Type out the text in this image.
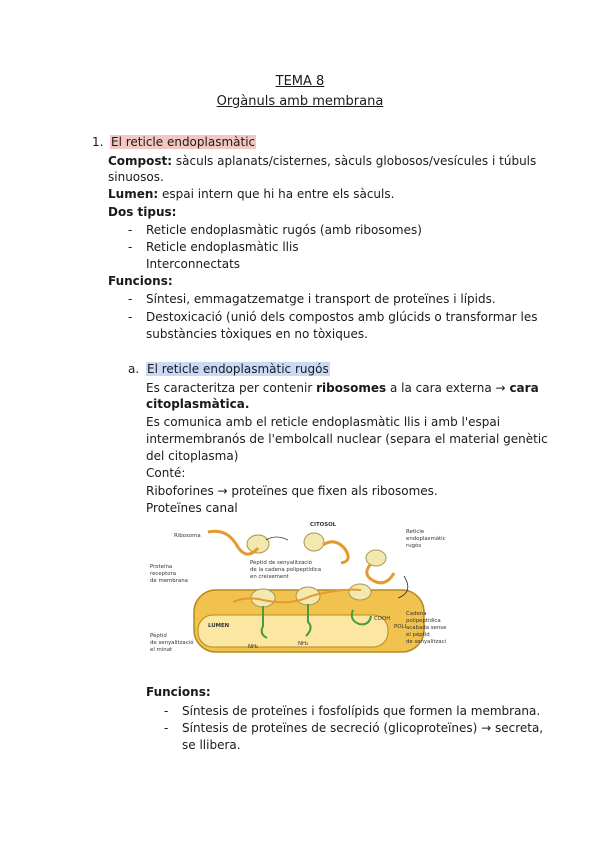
TEMA 8
Orgànuls amb membrana
1. El reticle endoplasmàtic
Compost: sàculs aplanats/cisternes, sàculs globosos/vesícules i túbuls
sinuosos.
Lumen: espai intern que hi ha entre els sàculs.
Dos tipus:
- Reticle endoplasmàtic rugós (amb ribosomes)
- Reticle endoplasmàtic llis
Interconnectats
Funcions:
- Síntesi, emmagatzematge i transport de proteïnes i lípids.
- Destoxicació (unió dels compostos amb glúcids o transformar les
substàncies tòxiques en no tòxiques.
a. El reticle endoplasmàtic rugós
Es caracteritza per contenir ribosomes a la cara externa → cara
citoplasmàtica.
Es comunica amb el reticle endoplasmàtic llis i amb l'espai
intermembranós de l'embolcall nuclear (separa el material genètic
del citoplasma)
Conté:
Riboforines → proteïnes que fixen als ribosomes.
Proteïnes canal
CITOSOL
Ribosoma
Reticle
endoplasmàtic
rugós
Pèptid de senyalització
de la cadena polipeptídica
en creixement
Proteïna
receptora
de membrana
LUMEN
NH₂	NH₂
COOH
POLI
Pèptid
de senyalització
el minat
Cadena
polipeptídica
acabada sense
el pèptid
de senyalització
Funcions:
- Síntesis de proteïnes i fosfolípids que formen la membrana.
- Síntesis de proteïnes de secreció (glicoproteïnes) → secreta,
se llibera.
